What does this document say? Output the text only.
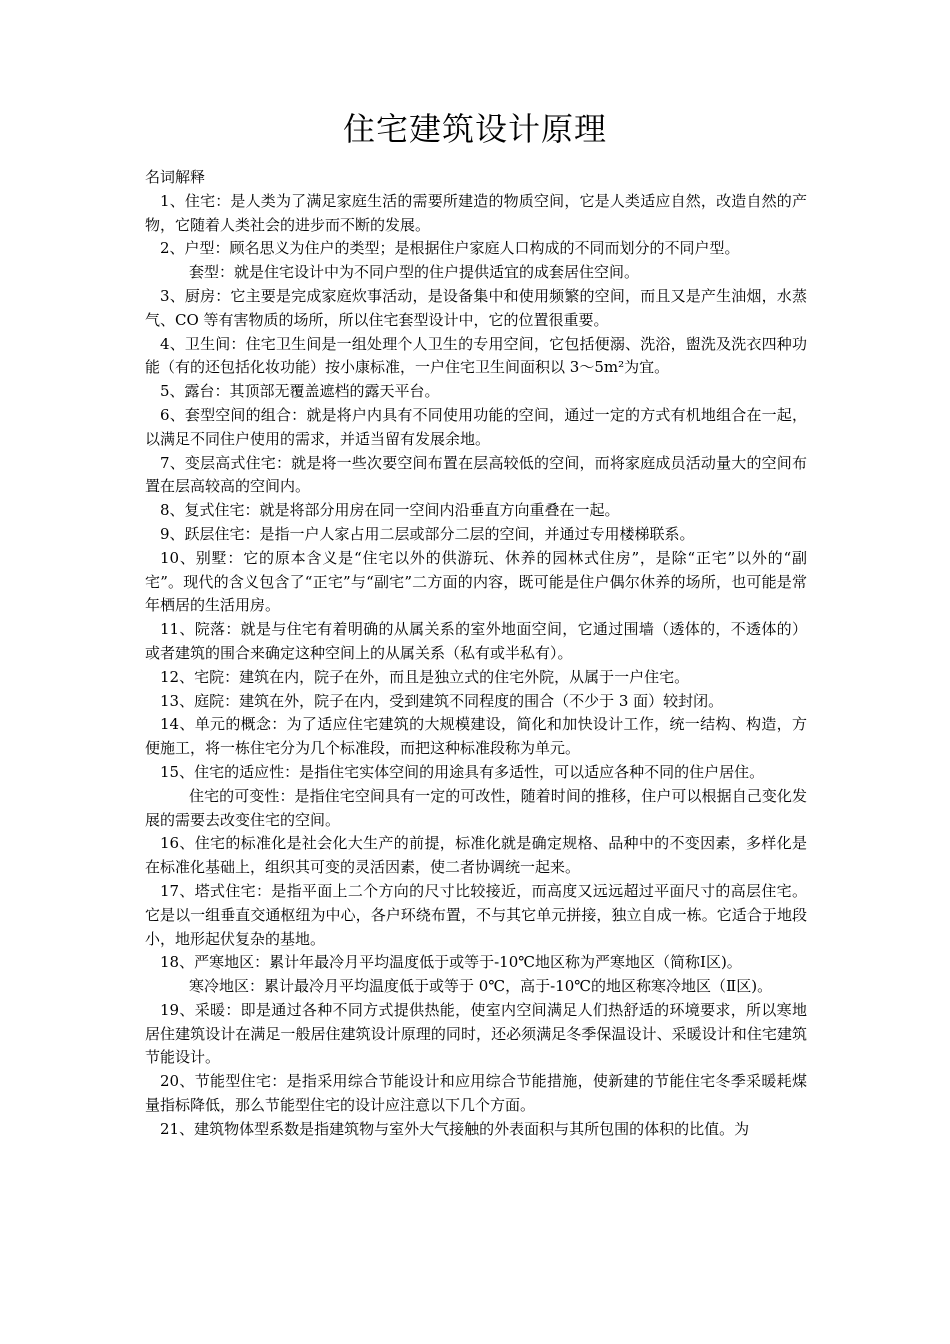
住宅建筑设计原理

名词解释

1、住宅：是人类为了满足家庭生活的需要所建造的物质空间，它是人类适应自然，改造自然的产物，它随着人类社会的进步而不断的发展。

2、户型：顾名思义为住户的类型；是根据住户家庭人口构成的不同而划分的不同户型。

套型：就是住宅设计中为不同户型的住户提供适宜的成套居住空间。

3、厨房：它主要是完成家庭炊事活动，是设备集中和使用频繁的空间，而且又是产生油烟，水蒸气、CO 等有害物质的场所，所以住宅套型设计中，它的位置很重要。

4、卫生间：住宅卫生间是一组处理个人卫生的专用空间，它包括便溺、洗浴，盥洗及洗衣四种功能（有的还包括化妆功能）按小康标准，一户住宅卫生间面积以 3～5m²为宜。

5、露台：其顶部无覆盖遮档的露天平台。

6、套型空间的组合：就是将户内具有不同使用功能的空间，通过一定的方式有机地组合在一起，以满足不同住户使用的需求，并适当留有发展余地。

7、变层高式住宅：就是将一些次要空间布置在层高较低的空间，而将家庭成员活动量大的空间布置在层高较高的空间内。

8、复式住宅：就是将部分用房在同一空间内沿垂直方向重叠在一起。

9、跃层住宅：是指一户人家占用二层或部分二层的空间，并通过专用楼梯联系。

10、别墅：它的原本含义是“住宅以外的供游玩、休养的园林式住房”，是除“正宅”以外的“副宅”。现代的含义包含了“正宅”与“副宅”二方面的内容，既可能是住户偶尔休养的场所，也可能是常年栖居的生活用房。

11、院落：就是与住宅有着明确的从属关系的室外地面空间，它通过围墙（透体的，不透体的）或者建筑的围合来确定这种空间上的从属关系（私有或半私有）。

12、宅院：建筑在内，院子在外，而且是独立式的住宅外院，从属于一户住宅。

13、庭院：建筑在外，院子在内，受到建筑不同程度的围合（不少于 3 面）较封闭。

14、单元的概念：为了适应住宅建筑的大规模建设，简化和加快设计工作，统一结构、构造，方便施工，将一栋住宅分为几个标准段，而把这种标准段称为单元。

15、住宅的适应性：是指住宅实体空间的用途具有多适性，可以适应各种不同的住户居住。

住宅的可变性：是指住宅空间具有一定的可改性，随着时间的推移，住户可以根据自己变化发展的需要去改变住宅的空间。

16、住宅的标准化是社会化大生产的前提，标准化就是确定规格、品种中的不变因素，多样化是在标准化基础上，组织其可变的灵活因素，使二者协调统一起来。

17、塔式住宅：是指平面上二个方向的尺寸比较接近，而高度又远远超过平面尺寸的高层住宅。它是以一组垂直交通枢纽为中心，各户环绕布置，不与其它单元拼接，独立自成一栋。它适合于地段小，地形起伏复杂的基地。

18、严寒地区：累计年最冷月平均温度低于或等于-10℃地区称为严寒地区（简称Ⅰ区)。

寒冷地区：累计最冷月平均温度低于或等于 0℃，高于-10℃的地区称寒冷地区（Ⅱ区)。

19、采暖：即是通过各种不同方式提供热能，使室内空间满足人们热舒适的环境要求，所以寒地居住建筑设计在满足一般居住建筑设计原理的同时，还必须满足冬季保温设计、采暖设计和住宅建筑节能设计。

20、节能型住宅：是指采用综合节能设计和应用综合节能措施，使新建的节能住宅冬季采暖耗煤量指标降低，那么节能型住宅的设计应注意以下几个方面。

21、建筑物体型系数是指建筑物与室外大气接触的外表面积与其所包围的体积的比值。为
